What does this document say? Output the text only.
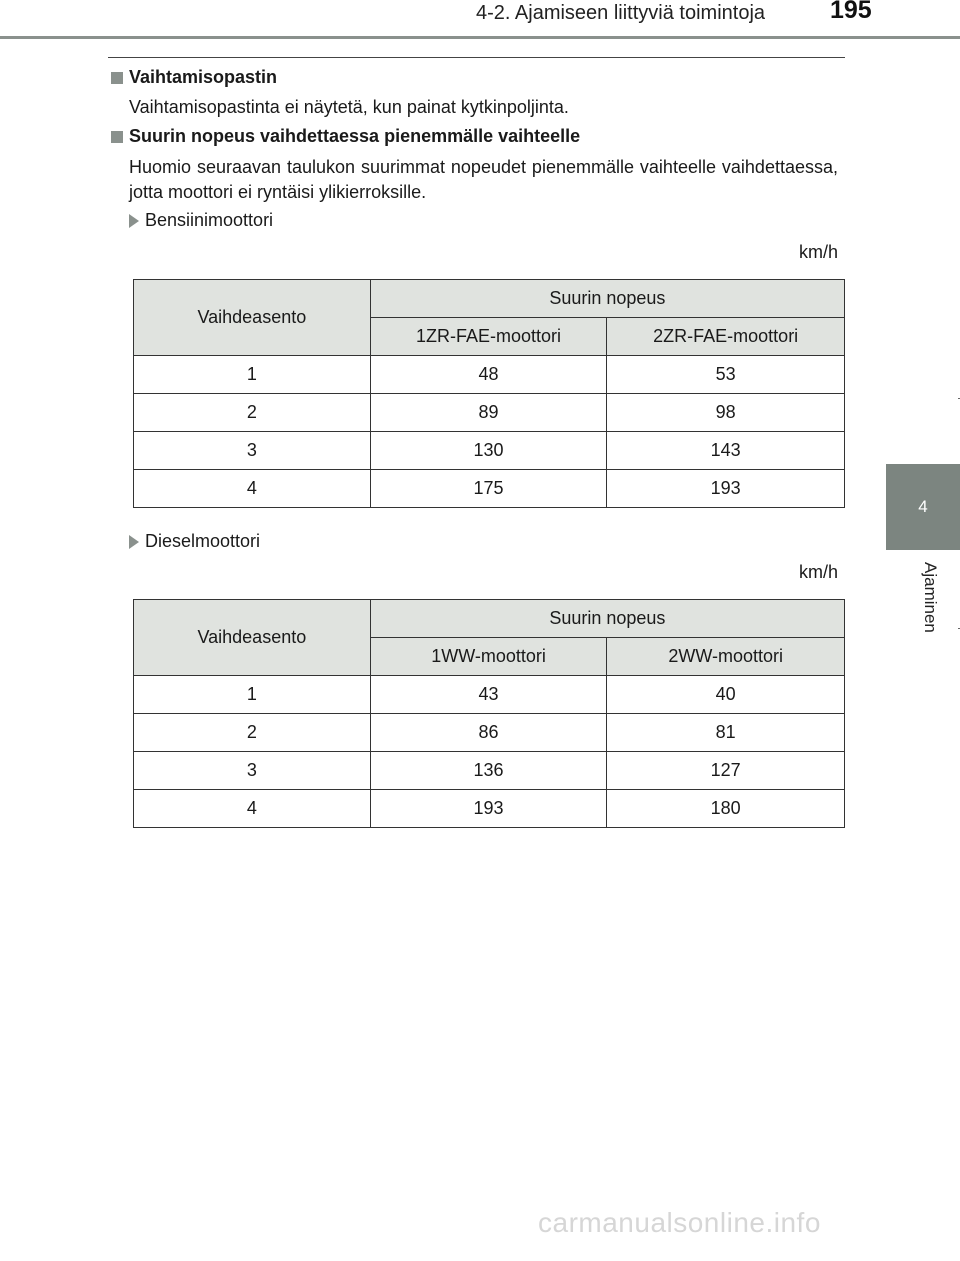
4-2. Ajamiseen liittyviä toimintoja	195
4
Ajaminen
Vaihtamisopastin
Vaihtamisopastinta ei näytetä, kun painat kytkinpoljinta.
Suurin nopeus vaihdettaessa pienemmälle vaihteelle
Huomio seuraavan taulukon suurimmat nopeudet pienemmälle vaihteelle vaihdettaessa, jotta moottori ei ryntäisi ylikierroksille.
Bensiinimoottori
km/h
Vaihdeasento	Suurin nopeus	
	1ZR-FAE-moottori	2ZR-FAE-moottori
1	48	53
2	89	98
3	130	143
4	175	193
Dieselmoottori
km/h
Vaihdeasento	Suurin nopeus	
	1WW-moottori	2WW-moottori
1	43	40
2	86	81
3	136	127
4	193	180
carmanualsonline.info
